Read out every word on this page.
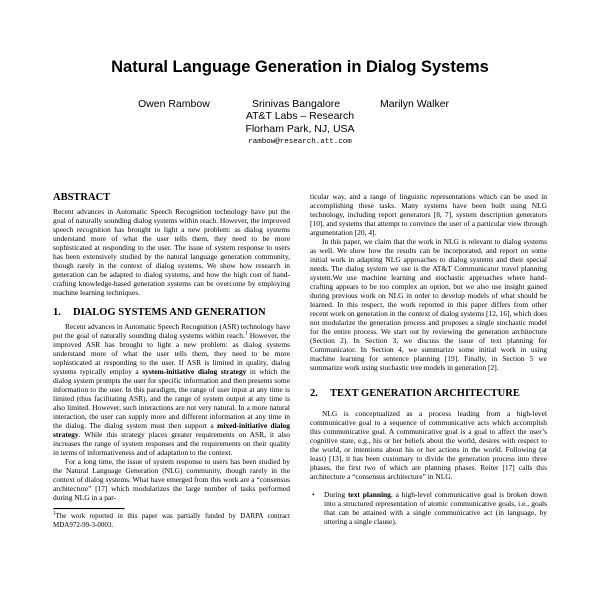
Natural Language Generation in Dialog Systems
Owen Rambow	Srinivas Bangalore	Marilyn Walker
AT&T Labs – Research
Florham Park, NJ, USA
rambow@research.att.com

ABSTRACT

Recent advances in Automatic Speech Recognition technology have put the goal of naturally sounding dialog systems within reach. However, the improved speech recognition has brought to light a new problem: as dialog systems understand more of what the user tells them, they need to be more sophisticated at responding to the user. The issue of system response to users has been extensively studied by the natural language generation community, though rarely in the context of dialog systems. We show how research in generation can be adapted to dialog systems, and how the high cost of hand-crafting knowledge-based generation systems can be overcome by employing machine learning techniques.

1. DIALOG SYSTEMS AND GENERATION

Recent advances in Automatic Speech Recognition (ASR) technology have put the goal of naturally sounding dialog systems within reach.$^1$ However, the improved ASR has brought to light a new problem: as dialog systems understand more of what the user tells them, they need to be more sophisticated at responding to the user. If ASR is limited in quality, dialog systems typically employ a system-initiative dialog strategy in which the dialog system prompts the user for specific information and then presents some information to the user. In this paradigm, the range of user input at any time is limited (thus facilitating ASR), and the range of system output at any time is also limited. However, such interactions are not very natural. In a more natural interaction, the user can supply more and different information at any time in the dialog. The dialog system must then support a mixed-initiative dialog strategy. While this strategy places greater requirements on ASR, it also increases the range of system responses and the requirements on their quality in terms of informativeness and of adaptation to the context.

For a long time, the issue of system response to users has been studied by the Natural Language Generation (NLG) community, though rarely in the context of dialog systems. What have emerged from this work are a “consensus architecture” [17] which modularizes the large number of tasks performed during NLG in a par-

$^1$The work reported in this paper was partially funded by DARPA contract MDA972-99-3-0003.

ticular way, and a range of linguistic representations which can be used in accomplishing these tasks. Many systems have been built using NLG technology, including report generators [8, 7], system description generators [10], and systems that attempt to convince the user of a particular view through argumentation [20, 4].

In this paper, we claim that the work in NLG is relevant to dialog systems as well. We show how the results can be incorporated, and report on some initial work in adapting NLG approaches to dialog systems and their special needs. The dialog system we use is the AT&T Communicator travel planning system.We use machine learning and stochastic approaches where hand-crafting appears to be too complex an option, but we also use insight gained during previous work on NLG in order to develop models of what should be learned. In this respect, the work reported in this paper differs from other recent work on generation in the context of dialog systems [12, 16], which does not modularize the generation process and proposes a single stochastic model for the entire process. We start out by reviewing the generation architecture (Section 2). In Section 3, we discuss the issue of text planning for Communicator. In Section 4, we summarize some initial work in using machine learning for sentence planning [19]. Finally, in Section 5 we summarize work using stochastic tree models in generation [2].

2. TEXT GENERATION ARCHITECTURE

NLG is conceptualized as a process leading from a high-level communicative goal to a sequence of communicative acts which accomplish this communicative goal. A communicative goal is a goal to affect the user’s cognitive state, e.g., his or her beliefs about the world, desires with respect to the world, or intentions about his or her actions in the world. Following (at least) [13], it has been customary to divide the generation process into three phases, the first two of which are planning phases. Reiter [17] calls this architecture a “consensus architecture” in NLG.

• During text planning, a high-level communicative goal is broken down into a structured representation of atomic communicative goals, i.e., goals that can be attained with a single communicative act (in language, by uttering a single clause).
